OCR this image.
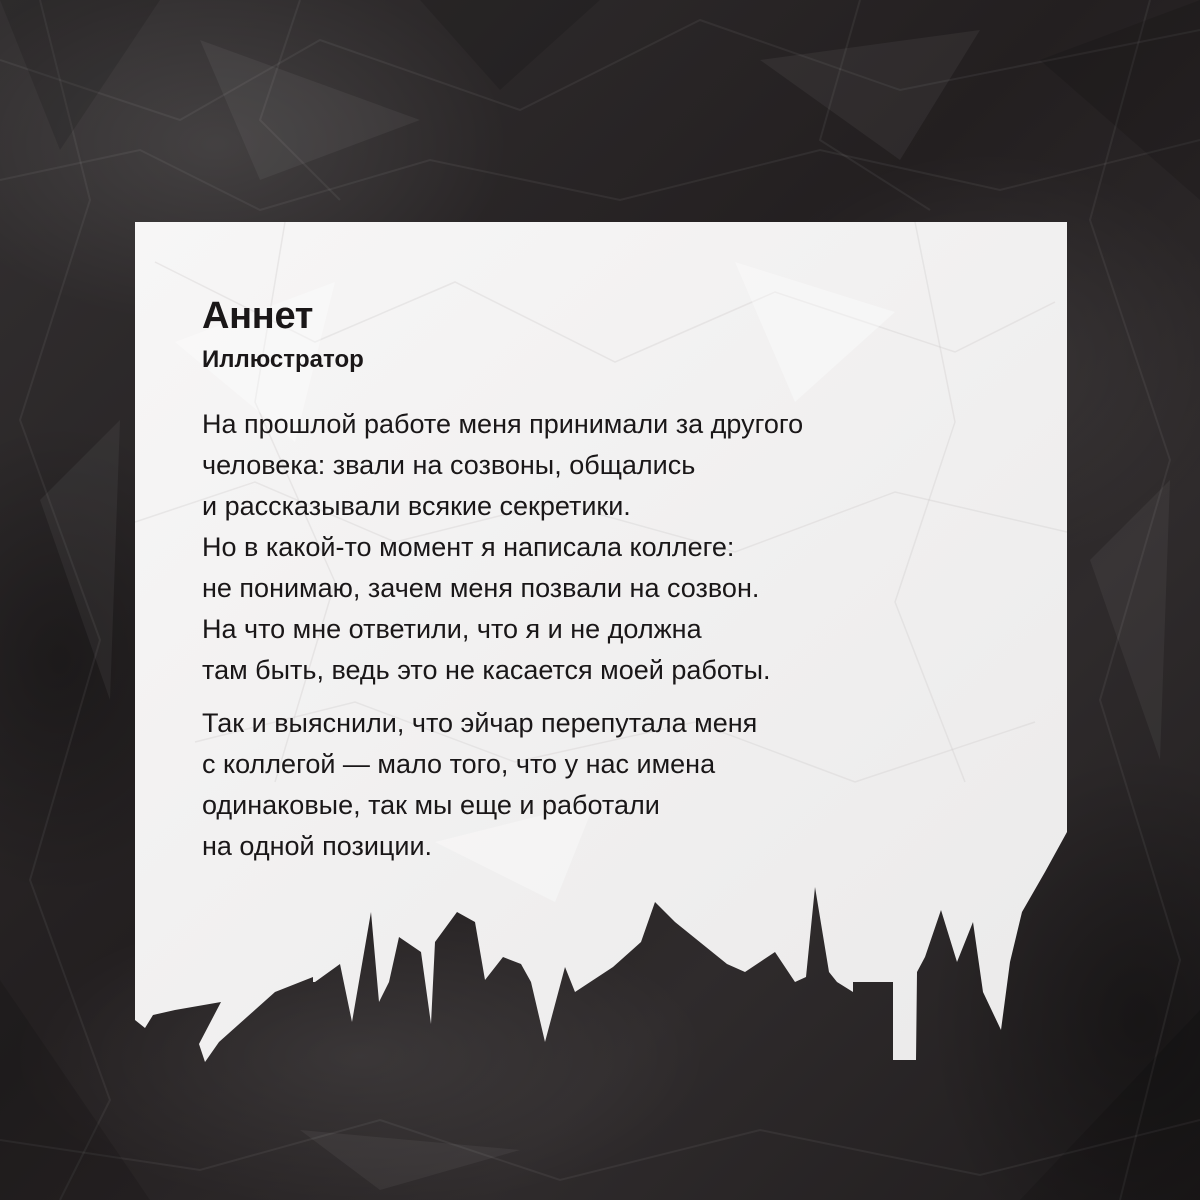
Аннет
Иллюстратор

На прошлой работе меня принимали за другого
человека: звали на созвоны, общались
и рассказывали всякие секретики.
Но в какой-то момент я написала коллеге:
не понимаю, зачем меня позвали на созвон.
На что мне ответили, что я и не должна
там быть, ведь это не касается моей работы.

Так и выяснили, что эйчар перепутала меня
с коллегой — мало того, что у нас имена
одинаковые, так мы еще и работали
на одной позиции.
